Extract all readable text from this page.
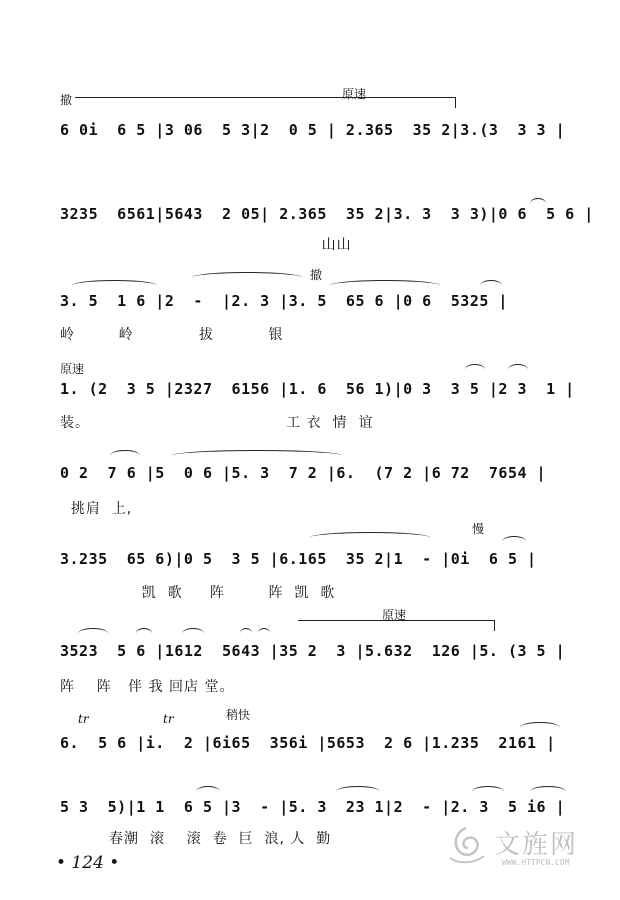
撤	原速
6 0i  6 5 |3 06  5 3|2  0 5 | 2.365  35 2|3.(3  3 3 |
3235  6561|5643  2 05| 2.365  35 2|3. 3  3 3)|0 6  5 6 |
山山
撤
3. 5  1 6 |2  -  |2. 3 |3. 5  65 6 |0 6  5325 |
岭        岭            拔          银
原速
1. (2  3 5 |2327  6156 |1. 6  56 1)|0 3  3 5 |2 3  1 |
装。                                    工 衣  情  谊
0 2  7 6 |5  0 6 |5. 3  7 2 |6.  (7 2 |6 72  7654 |
挑肩  上,
慢
3.235  65 6)|0 5  3 5 |6.165  35 2|1  - |0i  6 5 |
凯  歌     阵        阵  凯  歌
原速
3523  5 6 |1612  5643 |35 2  3 |5.632  126 |5. (3 5 |
阵    阵   伴 我 回店 堂。
tr	tr	稍快
6.  5 6 |i.  2 |6i65  356i |5653  2 6 |1.235  2161 |
5 3  5)|1 1  6 5 |3  - |5. 3  23 1|2  - |2. 3  5 i6 |
春潮  滚    滚  卷  巨  浪, 人  勤
• 124 •
文旌网
WWW.HTTPCN.COM
